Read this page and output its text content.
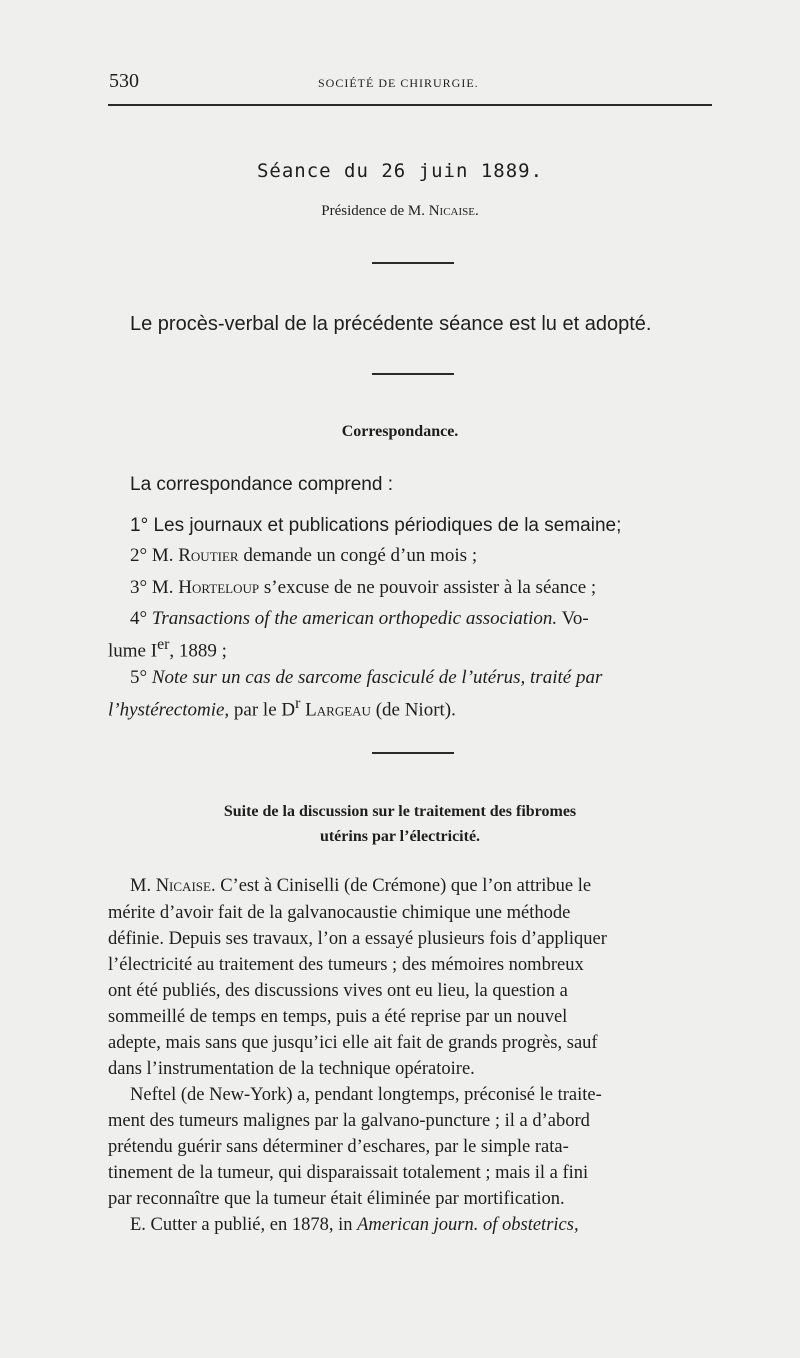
530	SOCIÉTÉ DE CHIRURGIE.
Séance du 26 juin 1889.
Présidence de M. Nicaise.
Le procès-verbal de la précédente séance est lu et adopté.
Correspondance.
La correspondance comprend :
1° Les journaux et publications périodiques de la semaine;
2° M. Routier demande un congé d’un mois ;
3° M. Horteloup s’excuse de ne pouvoir assister à la séance ;
4° Transactions of the american orthopedic association. Vo-
lume Ier, 1889 ;
5° Note sur un cas de sarcome fasciculé de l’utérus, traité par
l’hystérectomie, par le $D^r$ Largeau (de Niort).
Suite de la discussion sur le traitement des fibromes
utérins par l’électricité.
M. Nicaise. C’est à Ciniselli (de Crémone) que l’on attribue le
mérite d’avoir fait de la galvanocaustie chimique une méthode
définie. Depuis ses travaux, l’on a essayé plusieurs fois d’appliquer
l’électricité au traitement des tumeurs ; des mémoires nombreux
ont été publiés, des discussions vives ont eu lieu, la question a
sommeillé de temps en temps, puis a été reprise par un nouvel
adepte, mais sans que jusqu’ici elle ait fait de grands progrès, sauf
dans l’instrumentation de la technique opératoire.
Neftel (de New-York) a, pendant longtemps, préconisé le traite-
ment des tumeurs malignes par la galvano-puncture ; il a d’abord
prétendu guérir sans déterminer d’eschares, par le simple rata-
tinement de la tumeur, qui disparaissait totalement ; mais il a fini
par reconnaître que la tumeur était éliminée par mortification.
E. Cutter a publié, en 1878, in American journ. of obstetrics,
